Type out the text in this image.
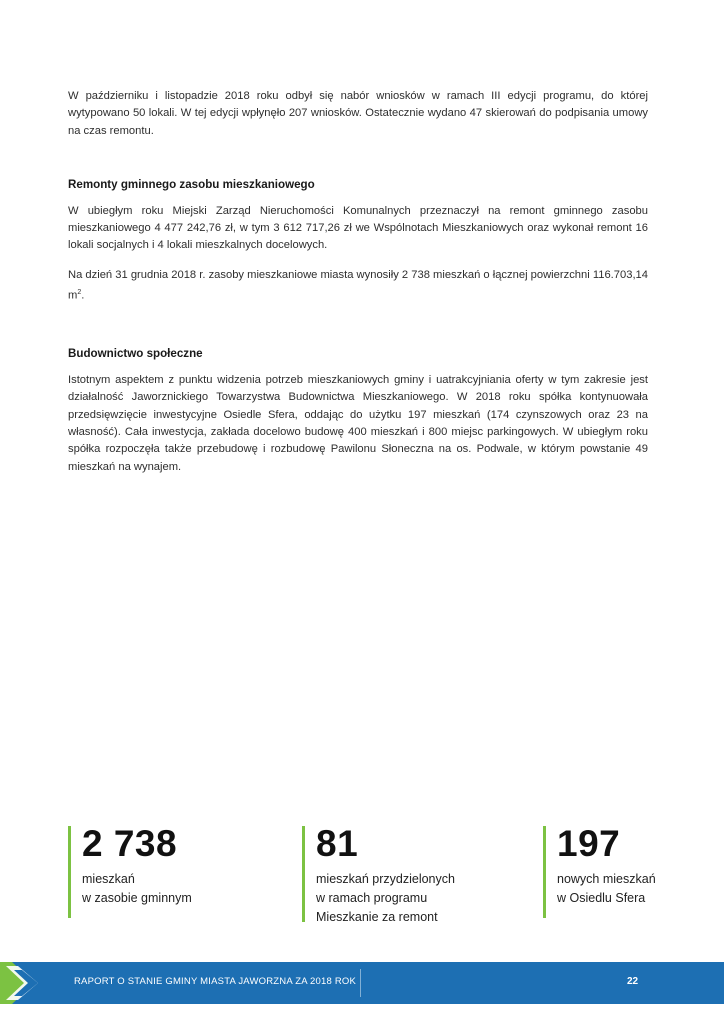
W październiku i listopadzie 2018 roku odbył się nabór wniosków w ramach III edycji programu, do której wytypowano 50 lokali. W tej edycji wpłynęło 207 wniosków. Ostatecznie wydano 47 skierowań do podpisania umowy na czas remontu.

Remonty gminnego zasobu mieszkaniowego

W ubiegłym roku Miejski Zarząd Nieruchomości Komunalnych przeznaczył na remont gminnego zasobu mieszkaniowego 4 477 242,76 zł, w tym 3 612 717,26 zł we Wspólnotach Mieszkaniowych oraz wykonał remont 16 lokali socjalnych i 4 lokali mieszkalnych docelowych.

Na dzień 31 grudnia 2018 r. zasoby mieszkaniowe miasta wynosiły 2 738 mieszkań o łącznej powierzchni 116.703,14 $m^2$.

Budownictwo społeczne

Istotnym aspektem z punktu widzenia potrzeb mieszkaniowych gminy i uatrakcyjniania oferty w tym zakresie jest działalność Jaworznickiego Towarzystwa Budownictwa Mieszkaniowego. W 2018 roku spółka kontynuowała przedsięwzięcie inwestycyjne Osiedle Sfera, oddając do użytku 197 mieszkań (174 czynszowych oraz 23 na własność). Cała inwestycja, zakłada docelowo budowę 400 mieszkań i 800 miejsc parkingowych. W ubiegłym roku spółka rozpoczęła także przebudowę i rozbudowę Pawilonu Słoneczna na os. Podwale, w którym powstanie 49 mieszkań na wynajem.

2 738
mieszkań
w zasobie gminnym
81
mieszkań przydzielonych
w ramach programu
Mieszkanie za remont
197
nowych mieszkań
w Osiedlu Sfera
RAPORT O STANIE GMINY MIASTA JAWORZNA ZA 2018 ROK	22
